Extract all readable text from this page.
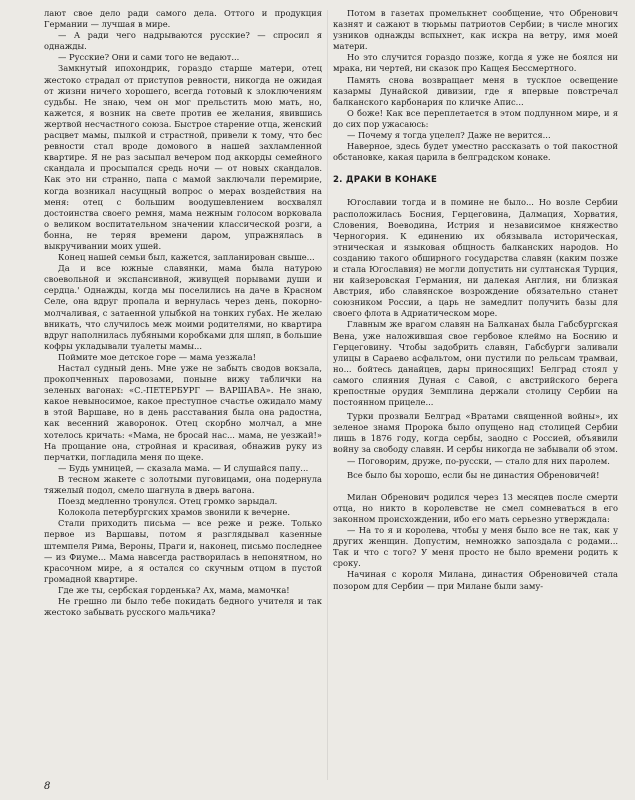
лают свое дело ради самого дела. Оттого и продукция Германии — лучшая в мире.

— А ради чего надрываются русские? — спросил я однажды.

— Русские? Они и сами того не ведают...

Замкнутый ипохондрик, гораздо старше матери, отец жестоко страдал от приступов ревности, никогда не ожидая от жизни ничего хорошего, всегда готовый к злоключениям судьбы. Не знаю, чем он мог прельстить мою мать, но, кажется, я возник на свете против ее желания, явившись жертвой несчастного союза. Быстрое старение отца, женский расцвет мамы, пылкой и страстной, привели к тому, что бес ревности стал вроде домового в нашей захламленной квартире. Я не раз засыпал вечером под аккорды семейного скандала и просыпался средь ночи — от новых скандалов. Как это ни странно, папа с мамой заключали перемирие, когда возникал насущный вопрос о мерах воздействия на меня: отец с большим воодушевлением восхвалял достоинства своего ремня, мама нежным голосом ворковала о великом воспитательном значении классической розги, а бонна, не теряя времени даром, упражнялась в выкручивании моих ушей.

Конец нашей семьи был, кажется, запланирован свыше...

Да и все южные славянки, мама была натурою своевольной и экспансивной, живущей порывами души и сердца.' Однажды, когда мы поселились на даче в Красном Селе, она вдруг пропала и вернулась через день, покорно-молчаливая, с затаенной улыбкой на тонких губах. Не желаю вникать, что случилось меж моими родителями, но квартира вдруг наполнилась лубяными коробками для шляп, в большие кофры укладывали туалеты мамы...

Поймите мое детское горе — мама уезжала!

Настал судный день. Мне уже не забыть сводов вокзала, прокопченных паровозами, поныне вижу таблички на зеленых вагонах: «С.-ПЕТЕРБУРГ — ВАРШАВА». Не знаю, какое невыносимое, какое преступное счастье ожидало маму в этой Варшаве, но в день расставания была она радостна, как весенний жаворонок. Отец скорбно молчал, а мне хотелось кричать: «Мама, не бросай нас... мама, не уезжай!» На прощание она, стройная и красивая, обнажив руку из перчатки, погладила меня по щеке.

— Будь умницей, — сказала мама. — И слушайся папу...

В тесном жакете с золотыми пуговицами, она подернула тяжелый подол, смело шагнула в дверь вагона.

Поезд медленно тронулся. Отец громко зарыдал.

Колокола петербургских храмов звонили к вечерне.

Стали приходить письма — все реже и реже. Только первое из Варшавы, потом я разглядывал казенные штемпеля Рима, Вероны, Праги и, наконец, письмо последнее — из Фиуме... Мама навсегда растворилась в непонятном, но красочном мире, а я остался со скучным отцом в пустой громадной квартире.

Где же ты, сербская горденька? Ах, мама, мамочка!

Не грешно ли было тебе покидать бедного учителя и так жестоко забывать русского мальчика?

Потом в газетах промелькнет сообщение, что Обренович казнят и сажают в тюрьмы патриотов Сербии; в числе многих узников однажды вспыхнет, как искра на ветру, имя моей матери.

Но это случится гораздо позже, когда я уже не боялся ни мрака, ни чертей, ни сказок про Кащея Бессмертного.

Память снова возвращает меня в тусклое освещение казармы Дунайской дивизии, где я впервые повстречал балканского карбонария по кличке Апис...

О боже! Как все переплетается в этом подлунном мире, и я до сих пор ужасаюсь:

— Почему я тогда уцелел? Даже не верится...

Наверное, здесь будет уместно рассказать о той пакостной обстановке, какая царила в белградском конаке.

2. ДРАКИ В КОНАКЕ

Югославии тогда и в помине не было... Но возле Сербии расположилась Босния, Герцеговина, Далмация, Хорватия, Словения, Воеводина, Истрия и независимое княжество Черногория. К единению их обязывала историческая, этническая и языковая общность балканских народов. Но созданию такого обширного государства славян (каким позже и стала Югославия) не могли допустить ни султанская Турция, ни кайзеровская Германия, ни далекая Англия, ни близкая Австрия, ибо славянское возрождение обязательно станет союзником России, а царь не замедлит получить базы для своего флота в Адриатическом море.

Главным же врагом славян на Балканах была Габсбургская Вена, уже наложившая свое гербовое клеймо на Боснию и Герцеговину. Чтобы задобрить славян, Габсбурги заливали улицы в Сараево асфальтом, они пустили по рельсам трамваи, но... бойтесь данайцев, дары приносящих! Белград стоял у самого слияния Дуная с Савой, с австрийского берега крепостные орудия Земплина держали столицу Сербии на постоянном прицеле...

Турки прозвали Белград «Вратами священной войны», их зеленое знамя Пророка было опущено над столицей Сербии лишь в 1876 году, когда сербы, заодно с Россией, объявили войну за свободу славян. И сербы никогда не забывали об этом.

— Поговорим, друже, по-русски, — стало для них паролем.

Все было бы хорошо, если бы не династия Обреновичей!

Милан Обренович родился через 13 месяцев после смерти отца, но никто в королевстве не смел сомневаться в его законном происхождении, ибо его мать серьезно утверждала:

— На то я и королева, чтобы у меня было все не так, как у других женщин. Допустим, немножко запоздала с родами... Так и что с того? У меня просто не было времени родить к сроку.

Начиная с короля Милана, династия Обреновичей стала позором для Сербии — при Милане были заму-

8
